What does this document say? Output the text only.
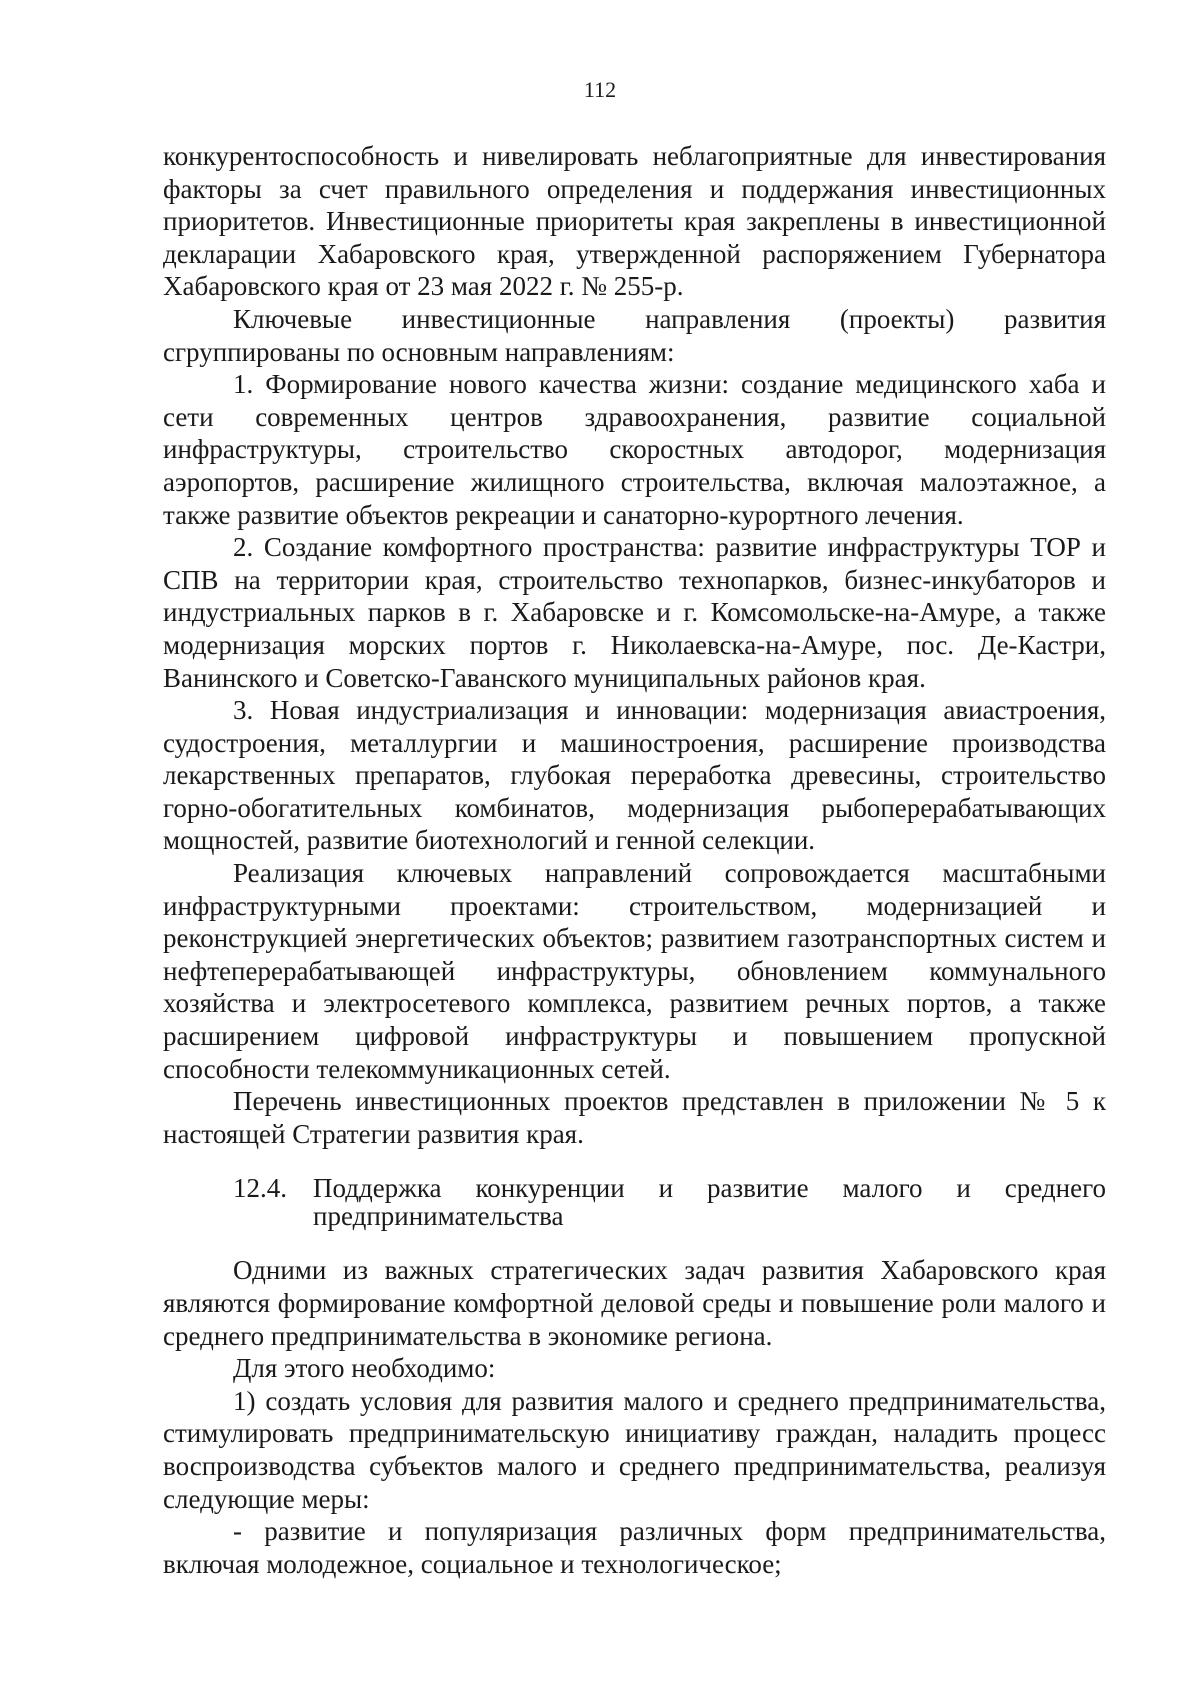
112

конкурентоспособность и нивелировать неблагоприятные для инвестирования факторы за счет правильного определения и поддержания инвестиционных приоритетов. Инвестиционные приоритеты края закреплены в инвестиционной декларации Хабаровского края, утвержденной распоряжением Губернатора Хабаровского края от 23 мая 2022 г. № 255-р.

Ключевые инвестиционные направления (проекты) развития сгруппированы по основным направлениям:

1. Формирование нового качества жизни: создание медицинского хаба и сети современных центров здравоохранения, развитие социальной инфраструктуры, строительство скоростных автодорог, модернизация аэропортов, расширение жилищного строительства, включая малоэтажное, а также развитие объектов рекреации и санаторно-курортного лечения.

2. Создание комфортного пространства: развитие инфраструктуры ТОР и СПВ на территории края, строительство технопарков, бизнес-инкубаторов и индустриальных парков в г. Хабаровске и г. Комсомольске-на-Амуре, а также модернизация морских портов г. Николаевска-на-Амуре, пос. Де-Кастри, Ванинского и Советско-Гаванского муниципальных районов края.

3. Новая индустриализация и инновации: модернизация авиастроения, судостроения, металлургии и машиностроения, расширение производства лекарственных препаратов, глубокая переработка древесины, строительство горно-обогатительных комбинатов, модернизация рыбоперерабатывающих мощностей, развитие биотехнологий и генной селекции.

Реализация ключевых направлений сопровождается масштабными инфраструктурными проектами: строительством, модернизацией и реконструкцией энергетических объектов; развитием газотранспортных систем и нефтеперерабатывающей инфраструктуры, обновлением коммунального хозяйства и электросетевого комплекса, развитием речных портов, а также расширением цифровой инфраструктуры и повышением пропускной способности телекоммуникационных сетей.

Перечень инвестиционных проектов представлен в приложении № 5 к настоящей Стратегии развития края.

12.4. Поддержка конкуренции и развитие малого и среднего предпринимательства

Одними из важных стратегических задач развития Хабаровского края являются формирование комфортной деловой среды и повышение роли малого и среднего предпринимательства в экономике региона.

Для этого необходимо:

1) создать условия для развития малого и среднего предпринимательства, стимулировать предпринимательскую инициативу граждан, наладить процесс воспроизводства субъектов малого и среднего предпринимательства, реализуя следующие меры:

- развитие и популяризация различных форм предпринимательства, включая молодежное, социальное и технологическое;
